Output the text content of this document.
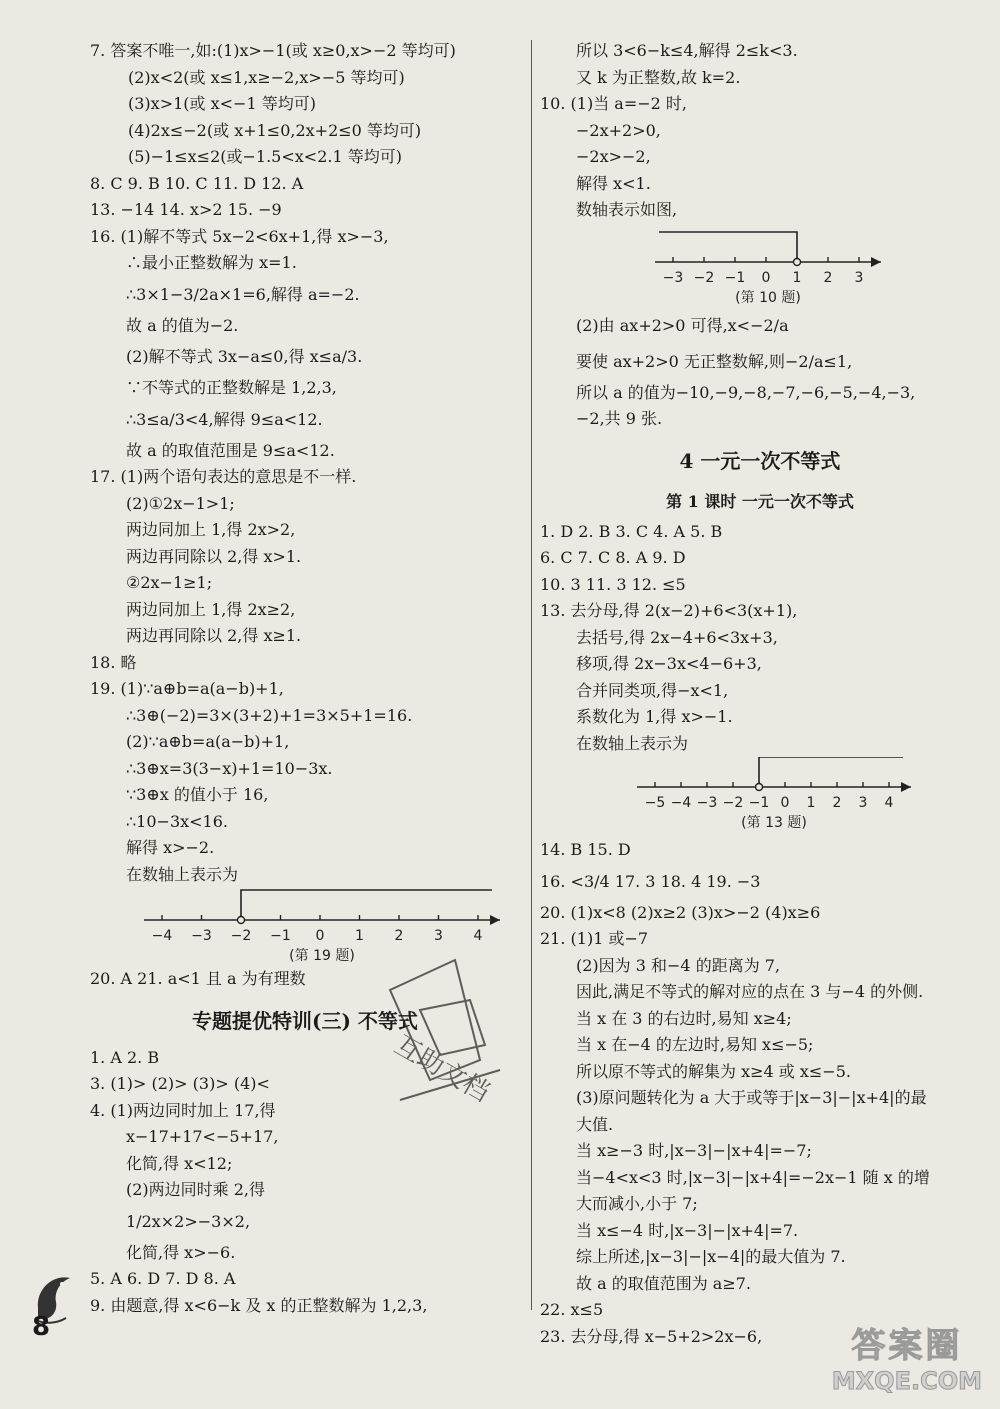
7. 答案不唯一,如:(1)x>−1(或 x≥0,x>−2 等均可)
(2)x<2(或 x≤1,x≥−2,x>−5 等均可)
(3)x>1(或 x<−1 等均可)
(4)2x≤−2(或 x+1≤0,2x+2≤0 等均可)
(5)−1≤x≤2(或−1.5<x<2.1 等均可)
8. C 9. B 10. C 11. D 12. A
13. −14 14. x>2 15. −9
16. (1)解不等式 5x−2<6x+1,得 x>−3,
∴最小正整数解为 x=1.
∴3×1−3/2a×1=6,解得 a=−2.
故 a 的值为−2.
(2)解不等式 3x−a≤0,得 x≤a/3.
∵不等式的正整数解是 1,2,3,
∴3≤a/3<4,解得 9≤a<12.
故 a 的取值范围是 9≤a<12.
17. (1)两个语句表达的意思是不一样.
(2)①2x−1>1;
两边同加上 1,得 2x>2,
两边再同除以 2,得 x>1.
②2x−1≥1;
两边同加上 1,得 2x≥2,
两边再同除以 2,得 x≥1.
18. 略
19. (1)∵a⊕b=a(a−b)+1,
∴3⊕(−2)=3×(3+2)+1=3×5+1=16.
(2)∵a⊕b=a(a−b)+1,
∴3⊕x=3(3−x)+1=10−3x.
∵3⊕x 的值小于 16,
∴10−3x<16.
解得 x>−2.
在数轴上表示为
−4 −3 −2 −1 0 1 2 3 4
(第 19 题)
20. A 21. a<1 且 a 为有理数
专题提优特训(三) 不等式
1. A 2. B
3. (1)> (2)> (3)> (4)<
4. (1)两边同时加上 17,得
x−17+17<−5+17,
化简,得 x<12;
(2)两边同时乘 2,得
1/2x×2>−3×2,
化简,得 x>−6.
5. A 6. D 7. D 8. A
9. 由题意,得 x<6−k 及 x 的正整数解为 1,2,3,
所以 3<6−k≤4,解得 2≤k<3.
又 k 为正整数,故 k=2.
10. (1)当 a=−2 时,
−2x+2>0,
−2x>−2,
解得 x<1.
数轴表示如图,
−3 −2 −1 0 1 2 3
(第 10 题)
(2)由 ax+2>0 可得,x<−2/a
要使 ax+2>0 无正整数解,则−2/a≤1,
所以 a 的值为−10,−9,−8,−7,−6,−5,−4,−3,
−2,共 9 张.
4 一元一次不等式
第 1 课时 一元一次不等式
1. D 2. B 3. C 4. A 5. B
6. C 7. C 8. A 9. D
10. 3 11. 3 12. ≤5
13. 去分母,得 2(x−2)+6<3(x+1),
去括号,得 2x−4+6<3x+3,
移项,得 2x−3x<4−6+3,
合并同类项,得−x<1,
系数化为 1,得 x>−1.
在数轴上表示为
−5 −4 −3 −2 −1 0 1 2 3 4
(第 13 题)
14. B 15. D
16. <3/4 17. 3 18. 4 19. −3
20. (1)x<8 (2)x≥2 (3)x>−2 (4)x≥6
21. (1)1 或−7
(2)因为 3 和−4 的距离为 7,
因此,满足不等式的解对应的点在 3 与−4 的外侧.
当 x 在 3 的右边时,易知 x≥4;
当 x 在−4 的左边时,易知 x≤−5;
所以原不等式的解集为 x≥4 或 x≤−5.
(3)原问题转化为 a 大于或等于|x−3|−|x+4|的最
大值.
当 x≥−3 时,|x−3|−|x+4|=−7;
当−4<x<3 时,|x−3|−|x+4|=−2x−1 随 x 的增
大而减小,小于 7;
当 x≤−4 时,|x−3|−|x+4|=7.
综上所述,|x−3|−|x−4|的最大值为 7.
故 a 的取值范围为 a≥7.
22. x≤5
23. 去分母,得 x−5+2>2x−6,
互助文档
8	答案圈
MXQE.COM
